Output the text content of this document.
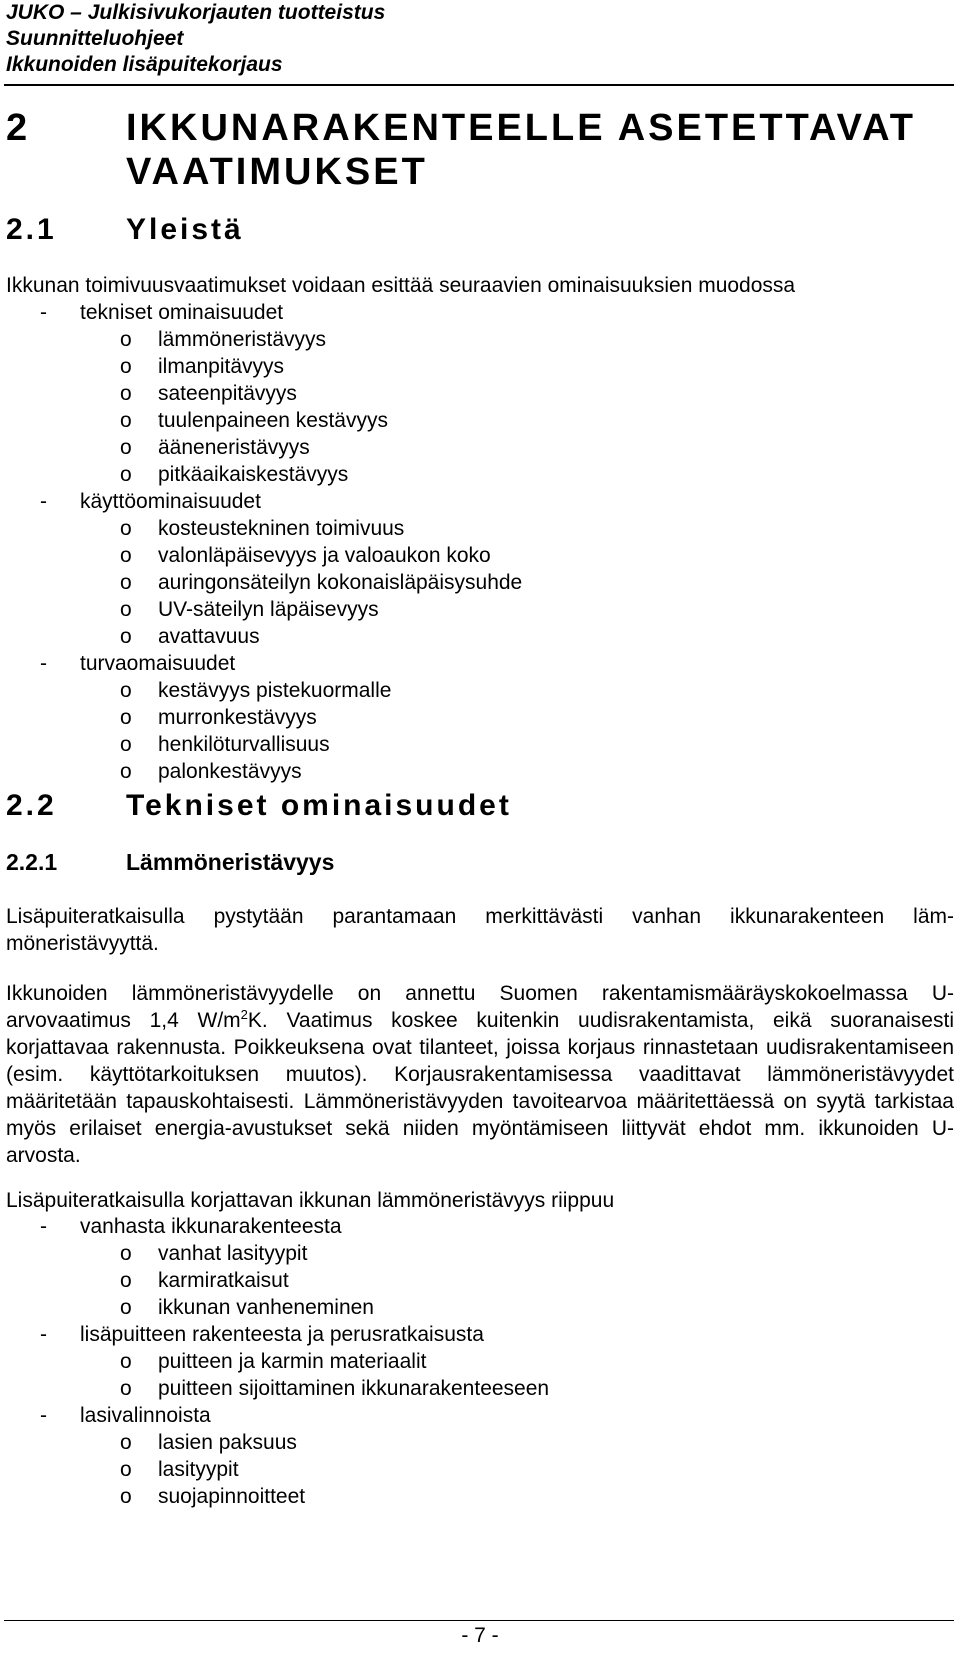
JUKO – Julkisivukorjauten tuotteistus
Suunnitteluohjeet
Ikkunoiden lisäpuitekorjaus
2	IKKUNARAKENTEELLE ASETETTAVAT VAATIMUKSET
2.1 Yleistä
Ikkunan toimivuusvaatimukset voidaan esittää seuraavien ominaisuuksien muodossa
- tekniset ominaisuudet
o lämmöneristävyys
o ilmanpitävyys
o sateenpitävyys
o tuulenpaineen kestävyys
o ääneneristävyys
o pitkäaikaiskestävyys
- käyttöominaisuudet
o kosteustekninen toimivuus
o valonläpäisevyys ja valoaukon koko
o auringonsäteilyn kokonaisläpäisysuhde
o UV-säteilyn läpäisevyys
o avattavuus
- turvaomaisuudet
o kestävyys pistekuormalle
o murronkestävyys
o henkilöturvallisuus
o palonkestävyys
2.2 Tekniset ominaisuudet
2.2.1	Lämmöneristävyys
Lisäpuiteratkaisulla pystytään parantamaan merkittävästi vanhan ikkunarakenteen läm-möneristävyyttä.
Ikkunoiden lämmöneristävyydelle on annettu Suomen rakentamismääräyskokoelmassa U-arvovaatimus 1,4 $W/m^2K$. Vaatimus koskee kuitenkin uudisrakentamista, eikä suoranaisesti korjattavaa rakennusta. Poikkeuksena ovat tilanteet, joissa korjaus rinnastetaan uudisrakentamiseen (esim. käyttötarkoituksen muutos). Korjausrakentamisessa vaadittavat lämmöneristävyydet määritetään tapauskohtaisesti. Lämmöneristävyyden tavoitearvoa määritettäessä on syytä tarkistaa myös erilaiset energia-avustukset sekä niiden myöntämiseen liittyvät ehdot mm. ikkunoiden U-arvosta.
Lisäpuiteratkaisulla korjattavan ikkunan lämmöneristävyys riippuu
- vanhasta ikkunarakenteesta
o vanhat lasityypit
o karmiratkaisut
o ikkunan vanheneminen
- lisäpuitteen rakenteesta ja perusratkaisusta
o puitteen ja karmin materiaalit
o puitteen sijoittaminen ikkunarakenteeseen
- lasivalinnoista
o lasien paksuus
o lasityypit
o suojapinnoitteet
- 7 -
